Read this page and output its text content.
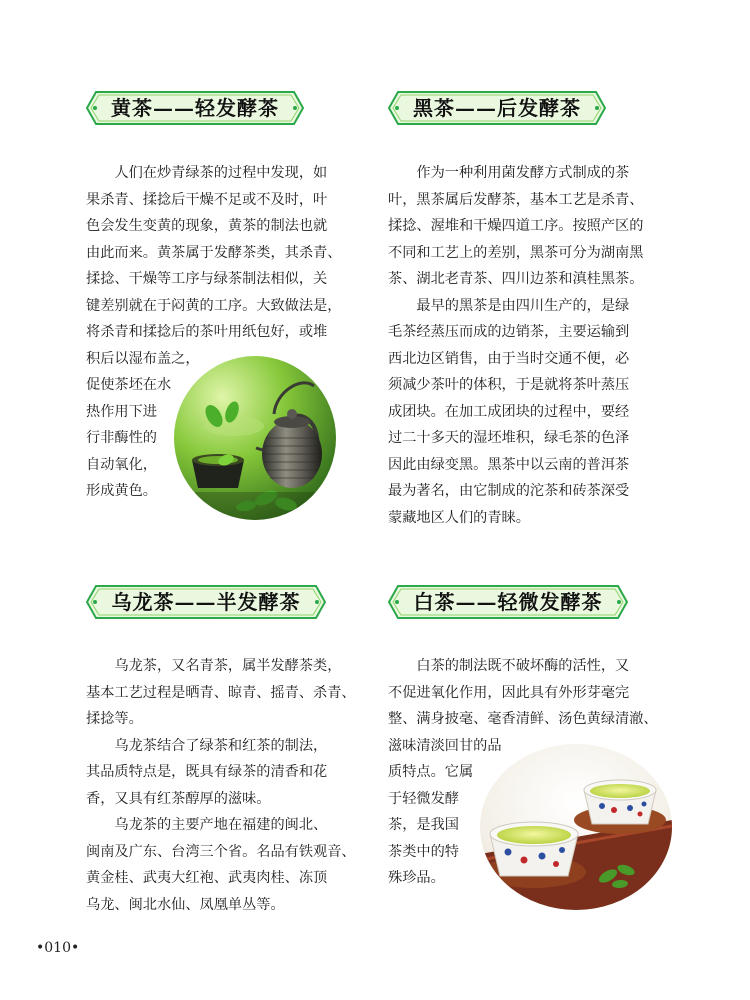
黄茶——轻发酵茶
人们在炒青绿茶的过程中发现，如
果杀青、揉捻后干燥不足或不及时，叶
色会发生变黄的现象，黄茶的制法也就
由此而来。黄茶属于发酵茶类，其杀青、
揉捻、干燥等工序与绿茶制法相似，关
键差别就在于闷黄的工序。大致做法是，
将杀青和揉捻后的茶叶用纸包好，或堆
积后以湿布盖之，
促使茶坯在水
热作用下进
行非酶性的
自动氧化，
形成黄色。
黑茶——后发酵茶
作为一种利用菌发酵方式制成的茶
叶，黑茶属后发酵茶，基本工艺是杀青、
揉捻、渥堆和干燥四道工序。按照产区的
不同和工艺上的差别，黑茶可分为湖南黑
茶、湖北老青茶、四川边茶和滇桂黑茶。
最早的黑茶是由四川生产的，是绿
毛茶经蒸压而成的边销茶，主要运输到
西北边区销售，由于当时交通不便，必
须减少茶叶的体积，于是就将茶叶蒸压
成团块。在加工成团块的过程中，要经
过二十多天的湿坯堆积，绿毛茶的色泽
因此由绿变黑。黑茶中以云南的普洱茶
最为著名，由它制成的沱茶和砖茶深受
蒙藏地区人们的青睐。
乌龙茶——半发酵茶
乌龙茶，又名青茶，属半发酵茶类，
基本工艺过程是晒青、晾青、摇青、杀青、
揉捻等。
乌龙茶结合了绿茶和红茶的制法，
其品质特点是，既具有绿茶的清香和花
香，又具有红茶醇厚的滋味。
乌龙茶的主要产地在福建的闽北、
闽南及广东、台湾三个省。名品有铁观音、
黄金桂、武夷大红袍、武夷肉桂、冻顶
乌龙、闽北水仙、凤凰单丛等。
白茶——轻微发酵茶
白茶的制法既不破坏酶的活性，又
不促进氧化作用，因此具有外形芽毫完
整、满身披毫、毫香清鲜、汤色黄绿清澈、
滋味清淡回甘的品
质特点。它属
于轻微发酵
茶，是我国
茶类中的特
殊珍品。
•010•
